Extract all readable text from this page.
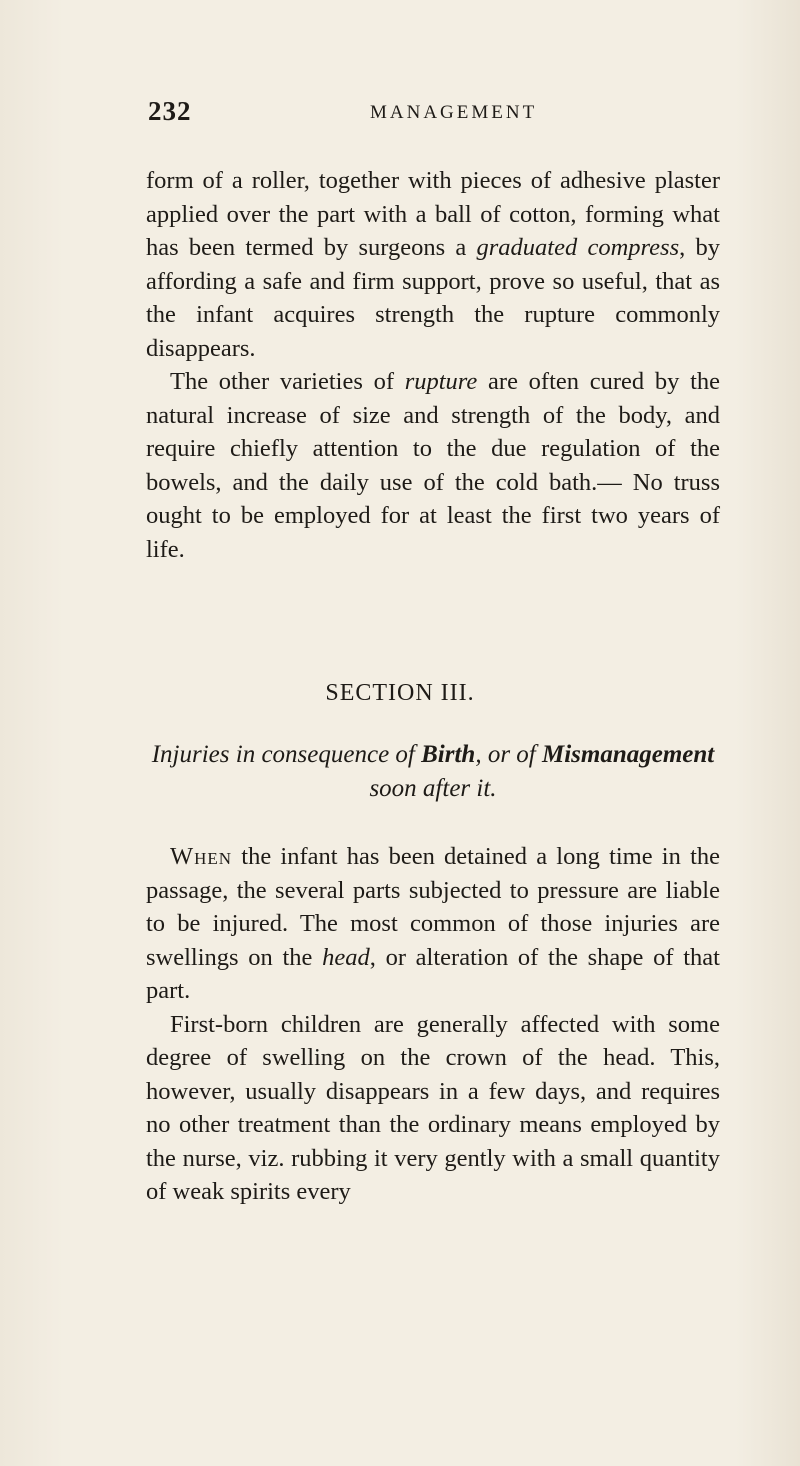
232	MANAGEMENT

form of a roller, together with pieces of adhesive plaster applied over the part with a ball of cotton, forming what has been termed by surgeons a graduated compress, by affording a safe and firm support, prove so useful, that as the infant acquires strength the rupture commonly disappears.

The other varieties of rupture are often cured by the natural increase of size and strength of the body, and require chiefly attention to the due regulation of the bowels, and the daily use of the cold bath.— No truss ought to be employed for at least the first two years of life.

SECTION III.
Injuries in consequence of Birth, or of Mismanagement soon after it.

When the infant has been detained a long time in the passage, the several parts subjected to pressure are liable to be injured. The most common of those injuries are swellings on the head, or alteration of the shape of that part.

First-born children are generally affected with some degree of swelling on the crown of the head. This, however, usually disappears in a few days, and requires no other treatment than the ordinary means employed by the nurse, viz. rubbing it very gently with a small quantity of weak spirits every
